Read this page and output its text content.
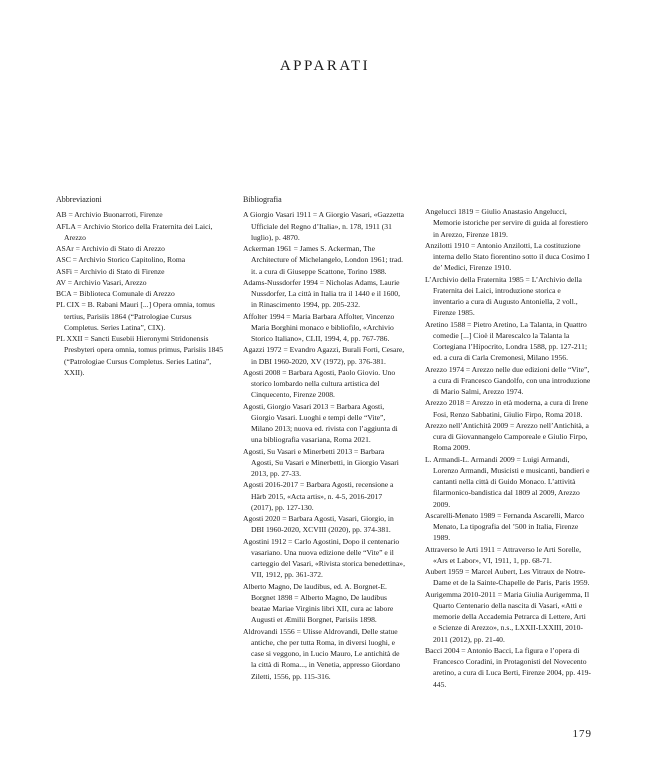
APPARATI
Abbreviazioni
AB = Archivio Buonarroti, Firenze
AFLA = Archivio Storico della Fraternita dei Laici, Arezzo
ASAr = Archivio di Stato di Arezzo
ASC = Archivio Storico Capitolino, Roma
ASFi = Archivio di Stato di Firenze
AV = Archivio Vasari, Arezzo
BCA = Biblioteca Comunale di Arezzo
PL CIX = B. Rabani Mauri [...] Opera omnia, tomus tertius, Parisiis 1864 (“Patrologiae Cursus Completus. Series Latina”, CIX).
PL XXII = Sancti Eusebii Hieronymi Stridonensis Presbyteri opera omnia, tomus primus, Parisiis 1845 (“Patrologiae Cursus Completus. Series Latina”, XXII).
Bibliografia
A Giorgio Vasari 1911 = A Giorgio Vasari, «Gazzetta Ufficiale del Regno d’Italia», n. 178, 1911 (31 luglio), p. 4870.
Ackerman 1961 = James S. Ackerman, The Architecture of Michelangelo, London 1961; trad. it. a cura di Giuseppe Scattone, Torino 1988.
Adams-Nussdorfer 1994 = Nicholas Adams, Laurie Nussdorfer, La città in Italia tra il 1440 e il 1600, in Rinascimento 1994, pp. 205-232.
Affolter 1994 = Maria Barbara Affolter, Vincenzo Maria Borghini monaco e bibliofilo, «Archivio Storico Italiano», CLII, 1994, 4, pp. 767-786.
Agazzi 1972 = Evandro Agazzi, Burali Forti, Cesare, in DBI 1960-2020, XV (1972), pp. 376-381.
Agosti 2008 = Barbara Agosti, Paolo Giovio. Uno storico lombardo nella cultura artistica del Cinquecento, Firenze 2008.
Agosti, Giorgio Vasari 2013 = Barbara Agosti, Giorgio Vasari. Luoghi e tempi delle “Vite”, Milano 2013; nuova ed. rivista con l’aggiunta di una bibliografia vasariana, Roma 2021.
Agosti, Su Vasari e Minerbetti 2013 = Barbara Agosti, Su Vasari e Minerbetti, in Giorgio Vasari 2013, pp. 27-33.
Agosti 2016-2017 = Barbara Agosti, recensione a Härb 2015, «Acta artis», n. 4-5, 2016-2017 (2017), pp. 127-130.
Agosti 2020 = Barbara Agosti, Vasari, Giorgio, in DBI 1960-2020, XCVIII (2020), pp. 374-381.
Agostini 1912 = Carlo Agostini, Dopo il centenario vasariano. Una nuova edizione delle “Vite” e il carteggio del Vasari, «Rivista storica benedettina», VII, 1912, pp. 361-372.
Alberto Magno, De laudibus, ed. A. Borgnet-E. Borgnet 1898 = Alberto Magno, De laudibus beatae Mariae Virginis libri XII, cura ac labore Augusti et Æmilii Borgnet, Parisiis 1898.
Aldrovandi 1556 = Ulisse Aldrovandi, Delle statue antiche, che per tutta Roma, in diversi luoghi, e case si veggono, in Lucio Mauro, Le antichità de la città di Roma..., in Venetia, appresso Giordano Ziletti, 1556, pp. 115-316.
Angelucci 1819 = Giulio Anastasio Angelucci, Memorie istoriche per servire di guida al forestiero in Arezzo, Firenze 1819.
Anzilotti 1910 = Antonio Anzilotti, La costituzione interna dello Stato fiorentino sotto il duca Cosimo I de’ Medici, Firenze 1910.
L’Archivio della Fraternita 1985 = L’Archivio della Fraternita dei Laici, introduzione storica e inventario a cura di Augusto Antoniella, 2 voll., Firenze 1985.
Aretino 1588 = Pietro Aretino, La Talanta, in Quattro comedie [...] Cioè il Marescalco la Talanta la Cortegiana l’Hipocrito, Londra 1588, pp. 127-211; ed. a cura di Carla Cremonesi, Milano 1956.
Arezzo 1974 = Arezzo nelle due edizioni delle “Vite”, a cura di Francesco Gandolfo, con una introduzione di Mario Salmi, Arezzo 1974.
Arezzo 2018 = Arezzo in età moderna, a cura di Irene Fosi, Renzo Sabbatini, Giulio Firpo, Roma 2018.
Arezzo nell’Antichità 2009 = Arezzo nell’Antichità, a cura di Giovannangelo Camporeale e Giulio Firpo, Roma 2009.
L. Armandi-L. Armandi 2009 = Luigi Armandi, Lorenzo Armandi, Musicisti e musicanti, bandieri e cantanti nella città di Guido Monaco. L’attività filarmonico-bandistica dal 1809 al 2009, Arezzo 2009.
Ascarelli-Menato 1989 = Fernanda Ascarelli, Marco Menato, La tipografia del ’500 in Italia, Firenze 1989.
Attraverso le Arti 1911 = Attraverso le Arti Sorelle, «Ars et Labor», VI, 1911, 1, pp. 68-71.
Aubert 1959 = Marcel Aubert, Les Vitraux de Notre-Dame et de la Sainte-Chapelle de Paris, Paris 1959.
Aurigemma 2010-2011 = Maria Giulia Aurigemma, Il Quarto Centenario della nascita di Vasari, «Atti e memorie della Accademia Petrarca di Lettere, Arti e Scienze di Arezzo», n.s., LXXII-LXXIII, 2010-2011 (2012), pp. 21-40.
Bacci 2004 = Antonio Bacci, La figura e l’opera di Francesco Coradini, in Protagonisti del Novecento aretino, a cura di Luca Berti, Firenze 2004, pp. 419-445.
179
